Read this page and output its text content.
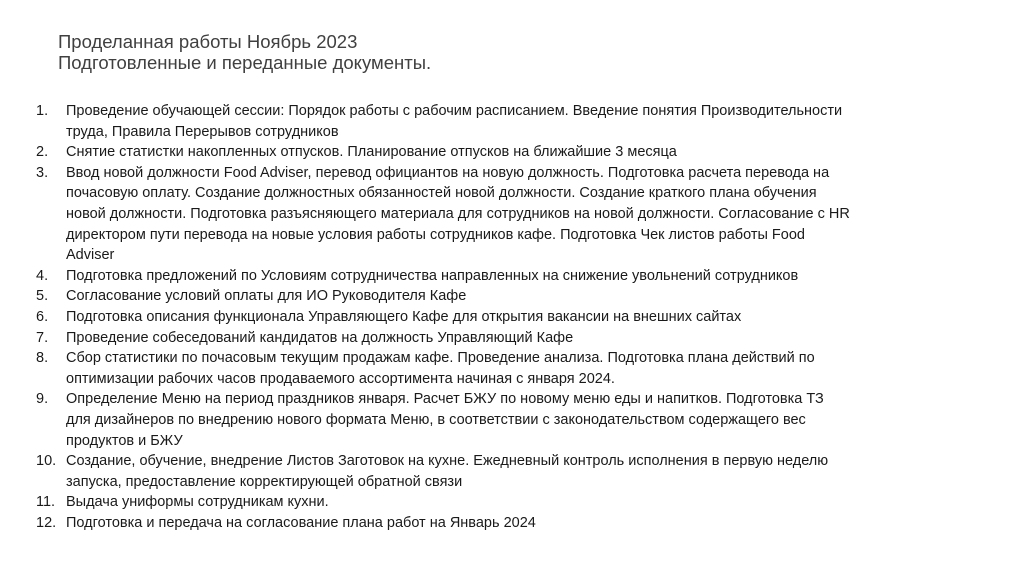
Проделанная работы Ноябрь 2023
Подготовленные и переданные документы.
1.	Проведение обучающей сессии: Порядок работы с рабочим расписанием. Введение понятия Производительности
труда, Правила Перерывов сотрудников
2.	Снятие статистки накопленных отпусков. Планирование отпусков на ближайшие 3 месяца
3.	Ввод новой должности Food Adviser, перевод официантов на новую должность. Подготовка расчета перевода на
почасовую оплату. Создание должностных обязанностей новой должности. Создание краткого плана обучения
новой должности. Подготовка разъясняющего материала для сотрудников на новой должности. Согласование с HR
директором пути перевода на новые условия работы сотрудников кафе. Подготовка Чек листов работы Food
Adviser
4.	Подготовка предложений по Условиям сотрудничества направленных на снижение увольнений сотрудников
5.	Согласование условий оплаты для ИО Руководителя Кафе
6.	Подготовка описания функционала Управляющего Кафе для открытия вакансии на внешних сайтах
7.	Проведение собеседований кандидатов на должность Управляющий Кафе
8.	Сбор статистики по почасовым текущим продажам кафе. Проведение анализа. Подготовка плана действий по
оптимизации рабочих часов продаваемого ассортимента начиная с января 2024.
9.	Определение Меню на период праздников января. Расчет БЖУ по новому меню еды и напитков. Подготовка ТЗ
для дизайнеров по внедрению нового формата Меню, в соответствии с законодательством содержащего вес
продуктов и БЖУ
10. Создание, обучение, внедрение Листов Заготовок на кухне. Ежедневный контроль исполнения в первую неделю
запуска, предоставление корректирующей обратной связи
11. Выдача униформы сотрудникам кухни.
12. Подготовка и передача на согласование плана работ на Январь 2024
